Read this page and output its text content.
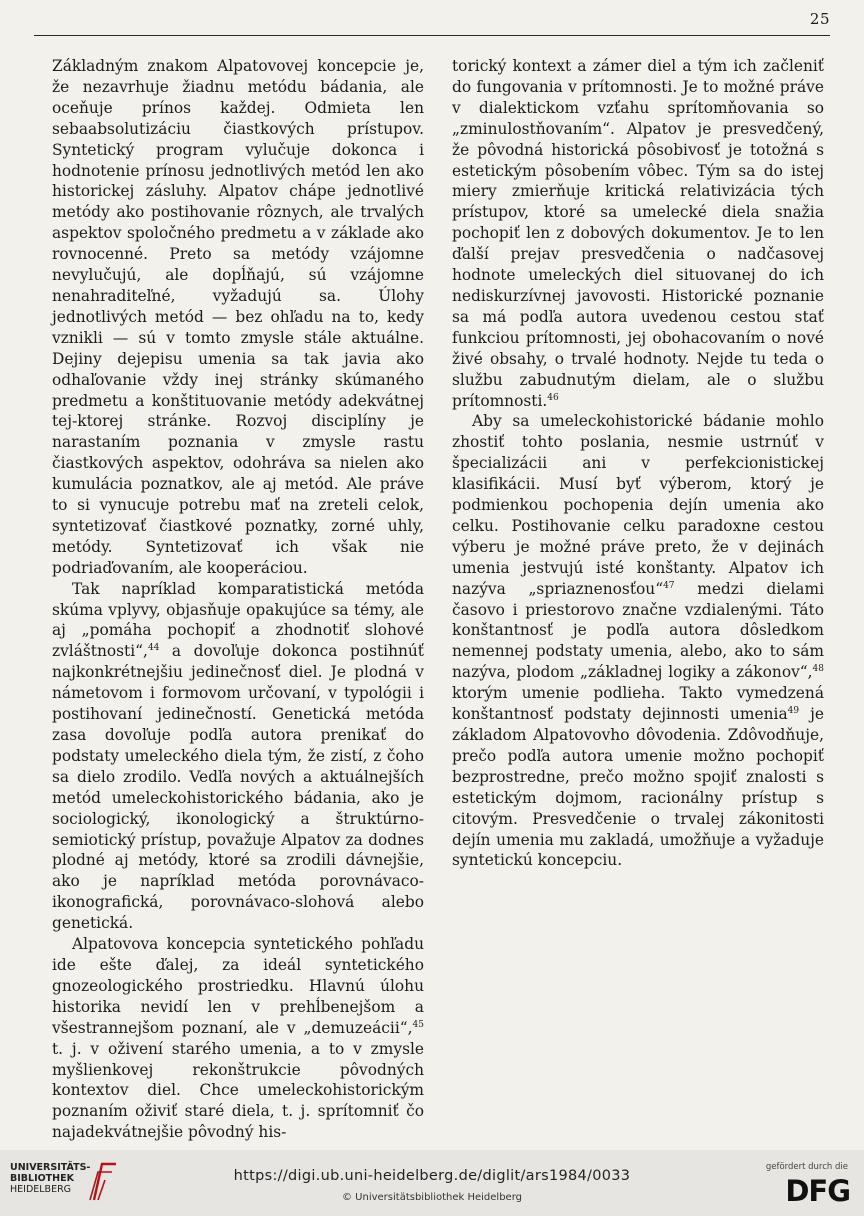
25

Základným znakom Alpatovovej koncepcie je, že nezavrhuje žiadnu metódu bádania, ale oceňuje prínos každej. Odmieta len sebaabsolutizáciu čiastkových prístupov. Syntetický program vylučuje dokonca i hodnotenie prínosu jednotlivých metód len ako historickej zásluhy. Alpatov chápe jednotlivé metódy ako postihovanie rôznych, ale trvalých aspektov spoločného predmetu a v základe ako rovnocenné. Preto sa metódy vzájomne nevylučujú, ale dopĺňajú, sú vzájomne nenahraditeľné, vyžadujú sa. Úlohy jednotlivých metód — bez ohľadu na to, kedy vznikli — sú v tomto zmysle stále aktuálne. Dejiny dejepisu umenia sa tak javia ako odhaľovanie vždy inej stránky skúmaného predmetu a konštituovanie metódy adekvátnej tej-ktorej stránke. Rozvoj disciplíny je narastaním poznania v zmysle rastu čiastkových aspektov, odohráva sa nielen ako kumulácia poznatkov, ale aj metód. Ale práve to si vynucuje potrebu mať na zreteli celok, syntetizovať čiastkové poznatky, zorné uhly, metódy. Syntetizovať ich však nie podriaďovaním, ale kooperáciou.

Tak napríklad komparatistická metóda skúma vplyvy, objasňuje opakujúce sa témy, ale aj „pomáha pochopiť a zhodnotiť slohové zvláštnosti“,$^{44}$ a dovoľuje dokonca postihnúť najkonkrétnejšiu jedinečnosť diel. Je plodná v námetovom i formovom určovaní, v typológii i postihovaní jedinečností. Genetická metóda zasa dovoľuje podľa autora prenikať do podstaty umeleckého diela tým, že zistí, z čoho sa dielo zrodilo. Vedľa nových a aktuálnejších metód umeleckohistorického bádania, ako je sociologický, ikonologický a štruktúrno-semiotický prístup, považuje Alpatov za dodnes plodné aj metódy, ktoré sa zrodili dávnejšie, ako je napríklad metóda porovnávaco-ikonografická, porovnávaco-slohová alebo genetická.

Alpatovova koncepcia syntetického pohľadu ide ešte ďalej, za ideál syntetického gnozeologického prostriedku. Hlavnú úlohu historika nevidí len v prehĺbenejšom a všestrannejšom poznaní, ale v „demuzeácii“,$^{45}$ t. j. v oživení starého umenia, a to v zmysle myšlienkovej rekonštrukcie pôvodných kontextov diel. Chce umeleckohistorickým poznaním oživiť staré diela, t. j. sprítomniť čo najadekvátnejšie pôvodný his-

torický kontext a zámer diel a tým ich začleniť do fungovania v prítomnosti. Je to možné práve v dialektickom vzťahu sprítomňovania so „zminulostňovaním“. Alpatov je presvedčený, že pôvodná historická pôsobivosť je totožná s estetickým pôsobením vôbec. Tým sa do istej miery zmierňuje kritická relativizácia tých prístupov, ktoré sa umelecké diela snažia pochopiť len z dobových dokumentov. Je to len ďalší prejav presvedčenia o nadčasovej hodnote umeleckých diel situovanej do ich nediskurzívnej javovosti. Historické poznanie sa má podľa autora uvedenou cestou stať funkciou prítomnosti, jej obohacovaním o nové živé obsahy, o trvalé hodnoty. Nejde tu teda o službu zabudnutým dielam, ale o službu prítomnosti.$^{46}$

Aby sa umeleckohistorické bádanie mohlo zhostiť tohto poslania, nesmie ustrnúť v špecializácii ani v perfekcionistickej klasifikácii. Musí byť výberom, ktorý je podmienkou pochopenia dejín umenia ako celku. Postihovanie celku paradoxne cestou výberu je možné práve preto, že v dejinách umenia jestvujú isté konštanty. Alpatov ich nazýva „spriaznenosťou“$^{47}$ medzi dielami časovo i priestorovo značne vzdialenými. Táto konštantnosť je podľa autora dôsledkom nemennej podstaty umenia, alebo, ako to sám nazýva, plodom „základnej logiky a zákonov“,$^{48}$ ktorým umenie podlieha. Takto vymedzená konštantnosť podstaty dejinnosti umenia$^{49}$ je základom Alpatovovho dôvodenia. Zdôvodňuje, prečo podľa autora umenie možno pochopiť bezprostredne, prečo možno spojiť znalosti s estetickým dojmom, racionálny prístup s citovým. Presvedčenie o trvalej zákonitosti dejín umenia mu zakladá, umožňuje a vyžaduje syntetickú koncepciu.

UNIVERSITÄTS-
BIBLIOTHEK
HEIDELBERG
https://digi.ub.uni-heidelberg.de/diglit/ars1984/0033
© Universitätsbibliothek Heidelberg
gefördert durch die
DFG
